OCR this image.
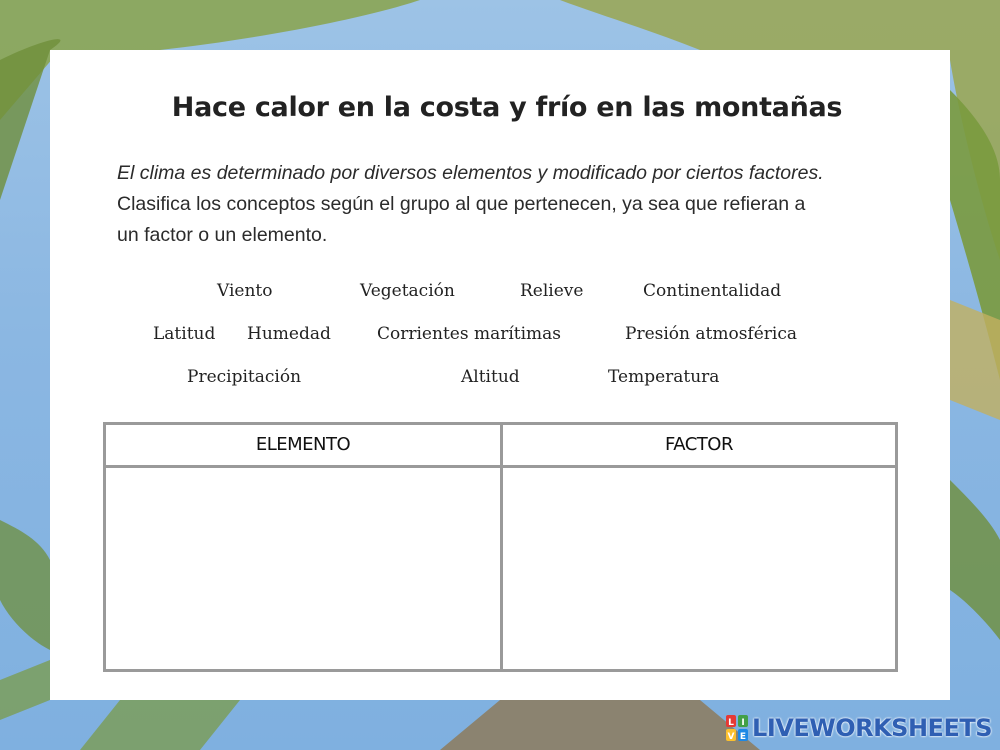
Hace calor en la costa y frío en las montañas
El clima es determinado por diversos elementos y modificado por ciertos factores. Clasifica los conceptos según el grupo al que pertenecen, ya sea que refieran a un factor o un elemento.
Viento	Vegetación	Relieve	Continentalidad
Latitud Humedad	Corrientes marítimas	Presión atmosférica
Precipitación	Altitud	Temperatura
ELEMENTO	FACTOR
L I
V E LIVEWORKSHEETS
